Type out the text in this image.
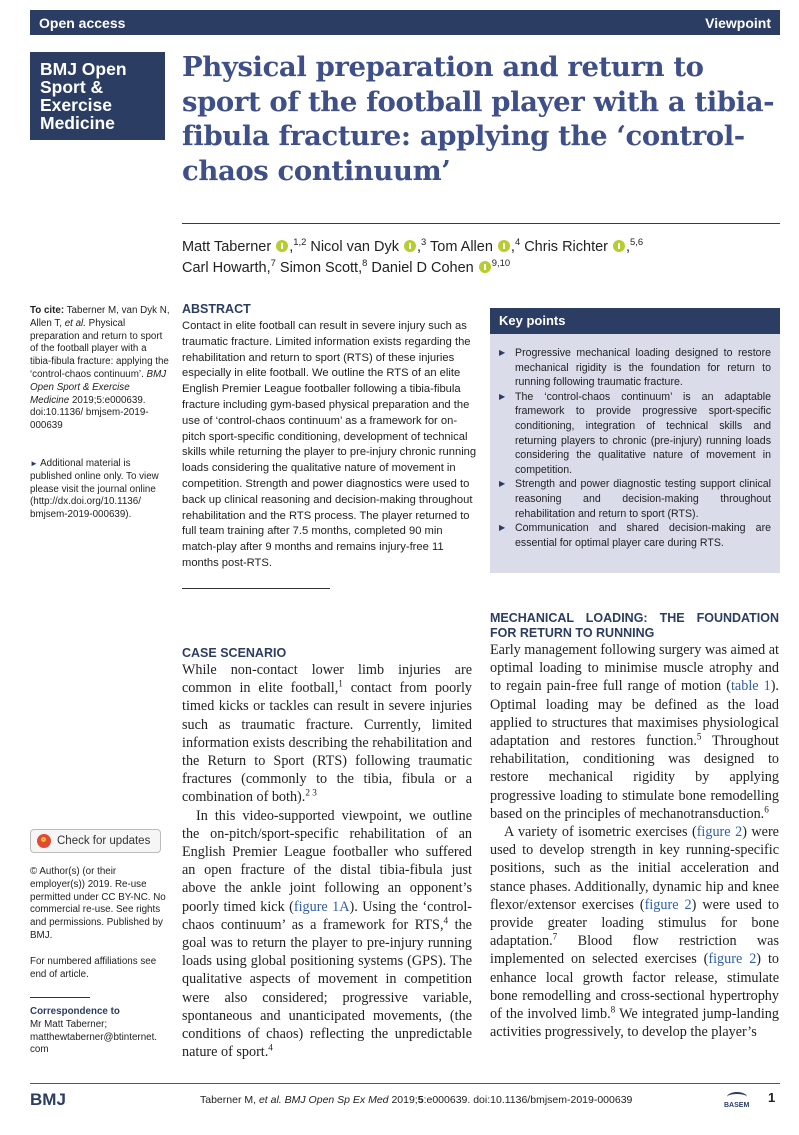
Open access	Viewpoint
BMJ Open
Sport &
Exercise
Medicine
Physical preparation and return to sport of the football player with a tibia-fibula fracture: applying the ‘control-chaos continuum’
Matt Taberner ,$^{1,2}$ Nicol van Dyk ,$^3$ Tom Allen ,$^4$ Chris Richter ,$^{5,6}$
Carl Howarth,$^7$ Simon Scott,$^8$ Daniel D Cohen $^{9,10}$
To cite: Taberner M, van Dyk N, Allen T, et al. Physical preparation and return to sport of the football player with a tibia-fibula fracture: applying the ‘control-chaos continuum’. BMJ Open Sport & Exercise Medicine 2019;5:e000639. doi:10.1136/ bmjsem-2019-000639
► Additional material is published online only. To view please visit the journal online (http://dx.doi.org/10.1136/ bmjsem-2019-000639).
Check for updates
© Author(s) (or their employer(s)) 2019. Re-use permitted under CC BY-NC. No commercial re-use. See rights and permissions. Published by BMJ.
For numbered affiliations see end of article.
Correspondence to
Mr Matt Taberner;
matthewtaberner@btinternet. com
ABSTRACT

Contact in elite football can result in severe injury such as traumatic fracture. Limited information exists regarding the rehabilitation and return to sport (RTS) of these injuries especially in elite football. We outline the RTS of an elite English Premier League footballer following a tibia-fibula fracture including gym-based physical preparation and the use of ‘control-chaos continuum’ as a framework for on-pitch sport-specific conditioning, development of technical skills while returning the player to pre-injury chronic running loads considering the qualitative nature of movement in competition. Strength and power diagnostics were used to back up clinical reasoning and decision-making throughout rehabilitation and the RTS process. The player returned to full team training after 7.5 months, completed 90 min match-play after 9 months and remains injury-free 11 months post-RTS.

Key points
▶ Progressive mechanical loading designed to restore mechanical rigidity is the foundation for return to running following traumatic fracture.
▶ The ‘control-chaos continuum’ is an adaptable framework to provide progressive sport-specific conditioning, integration of technical skills and returning players to chronic (pre-injury) running loads considering the qualitative nature of movement in competition.
▶ Strength and power diagnostic testing support clinical reasoning and decision-making throughout rehabilitation and return to sport (RTS).
▶ Communication and shared decision-making are essential for optimal player care during RTS.
CASE SCENARIO

While non-contact lower limb injuries are common in elite football,$^1$ contact from poorly timed kicks or tackles can result in severe injuries such as traumatic fracture. Currently, limited information exists describing the rehabilitation and the Return to Sport (RTS) following traumatic fractures (commonly to the tibia, fibula or a combination of both).$^{2 3}$

In this video-supported viewpoint, we outline the on-pitch/sport-specific rehabilitation of an English Premier League footballer who suffered an open fracture of the distal tibia-fibula just above the ankle joint following an opponent’s poorly timed kick (figure 1A). Using the ‘control-chaos continuum’ as a framework for RTS,$^4$ the goal was to return the player to pre-injury running loads using global positioning systems (GPS). The qualitative aspects of movement in competition were also considered; progressive variable, spontaneous and unanticipated movements, (the conditions of chaos) reflecting the unpredictable nature of sport.$^4$

MECHANICAL LOADING: THE FOUNDATION FOR RETURN TO RUNNING

Early management following surgery was aimed at optimal loading to minimise muscle atrophy and to regain pain-free full range of motion (table 1). Optimal loading may be defined as the load applied to structures that maximises physiological adaptation and restores function.$^5$ Throughout rehabilitation, conditioning was designed to restore mechanical rigidity by applying progressive loading to stimulate bone remodelling based on the principles of mechanotransduction.$^6$

A variety of isometric exercises (figure 2) were used to develop strength in key running-specific positions, such as the initial acceleration and stance phases. Additionally, dynamic hip and knee flexor/extensor exercises (figure 2) were used to provide greater loading stimulus for bone adaptation.$^7$ Blood flow restriction was implemented on selected exercises (figure 2) to enhance local growth factor release, stimulate bone remodelling and cross-sectional hypertrophy of the involved limb.$^8$ We integrated jump-landing activities progressively, to develop the player’s

BMJ	Taberner M, et al. BMJ Open Sp Ex Med 2019;5:e000639. doi:10.1136/bmjsem-2019-000639	BASEM
1
